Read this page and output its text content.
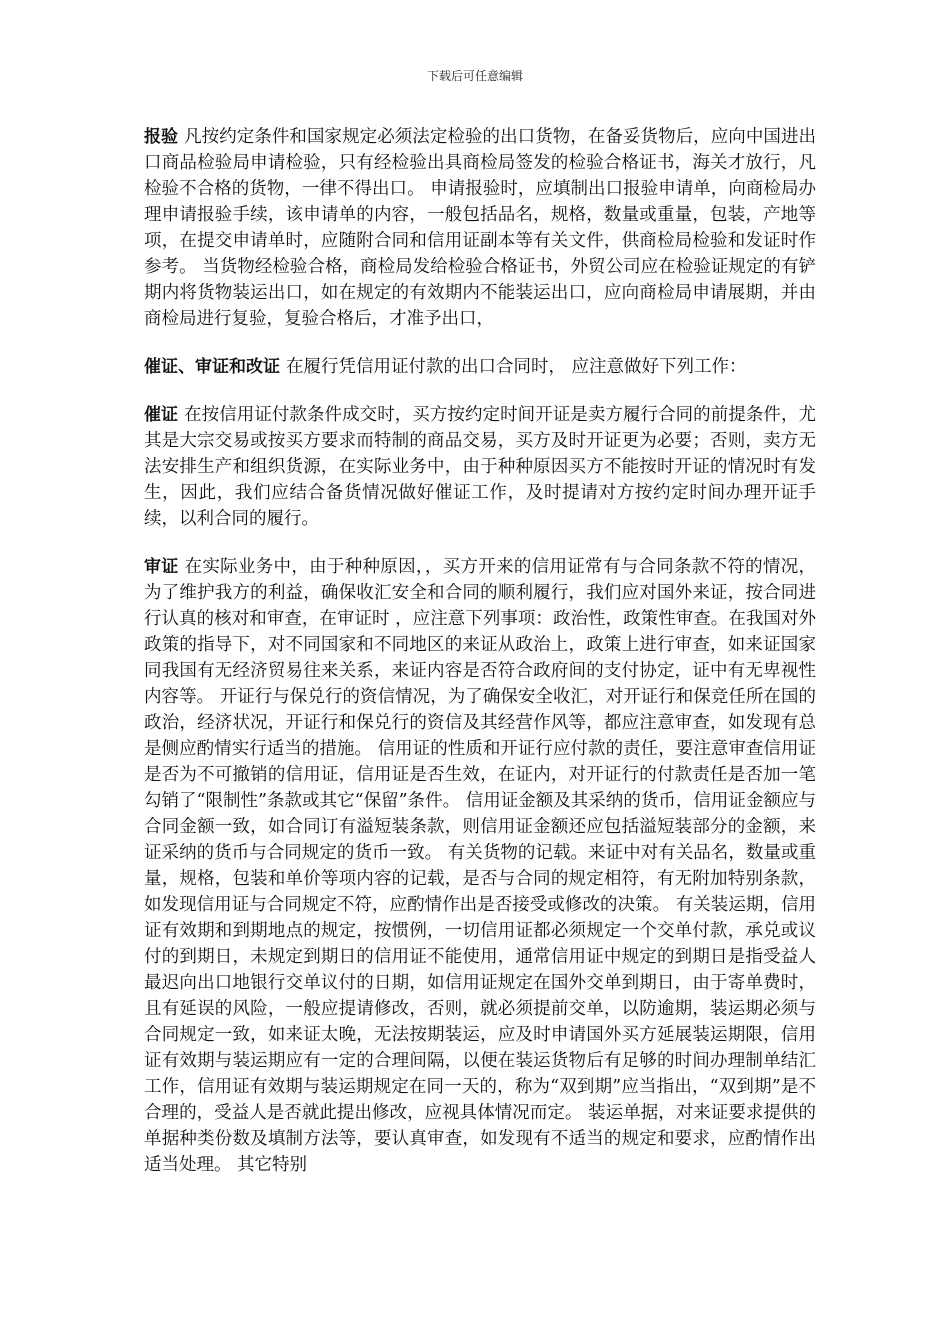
下载后可任意编辑

报验 凡按约定条件和国家规定必须法定检验的出口货物，在备妥货物后，应向中国进出口商品检验局申请检验，只有经检验出具商检局签发的检验合格证书，海关才放行，凡检验不合格的货物，一律不得出口。 申请报验时，应填制出口报验申请单，向商检局办理申请报验手续，该申请单的内容，一般包括品名，规格，数量或重量，包装，产地等项，在提交申请单时，应随附合同和信用证副本等有关文件，供商检局检验和发证时作参考。 当货物经检验合格，商检局发给检验合格证书，外贸公司应在检验证规定的有铲期内将货物装运出口，如在规定的有效期内不能装运出口，应向商检局申请展期，并由商检局进行复验，复验合格后，才准予出口，

催证、审证和改证 在履行凭信用证付款的出口合同时， 应注意做好下列工作：

催证 在按信用证付款条件成交时，买方按约定时间开证是卖方履行合同的前提条件，尤其是大宗交易或按买方要求而特制的商品交易，买方及时开证更为必要；否则，卖方无法安排生产和组织货源，在实际业务中，由于种种原因买方不能按时开证的情况时有发生，因此，我们应结合备货情况做好催证工作，及时提请对方按约定时间办理开证手续，以利合同的履行。

审证 在实际业务中，由于种种原因，，买方开来的信用证常有与合同条款不符的情况，为了维护我方的利益，确保收汇安全和合同的顺利履行，我们应对国外来证，按合同进行认真的核对和审查，在审证时 ，应注意下列事项：政治性，政策性审查。在我国对外政策的指导下，对不同国家和不同地区的来证从政治上，政策上进行审查，如来证国家同我国有无经济贸易往来关系，来证内容是否符合政府间的支付协定，证中有无卑视性内容等。 开证行与保兑行的资信情况，为了确保安全收汇，对开证行和保竞任所在国的政治，经济状况，开证行和保兑行的资信及其经营作风等，都应注意审查，如发现有总是侧应酌情实行适当的措施。 信用证的性质和开证行应付款的责任，要注意审查信用证是否为不可撤销的信用证，信用证是否生效，在证内，对开证行的付款责任是否加一笔勾销了“限制性”条款或其它“保留”条件。 信用证金额及其采纳的货币，信用证金额应与合同金额一致，如合同订有溢短装条款，则信用证金额还应包括溢短装部分的金额，来证采纳的货币与合同规定的货币一致。 有关货物的记载。来证中对有关品名，数量或重量，规格，包装和单价等项内容的记载，是否与合同的规定相符，有无附加特别条款，如发现信用证与合同规定不符，应酌情作出是否接受或修改的决策。 有关装运期，信用证有效期和到期地点的规定，按惯例，一切信用证都必须规定一个交单付款，承兑或议付的到期日，未规定到期日的信用证不能使用，通常信用证中规定的到期日是指受益人最迟向出口地银行交单议付的日期，如信用证规定在国外交单到期日，由于寄单费时，且有延误的风险，一般应提请修改，否则，就必须提前交单，以防逾期，装运期必须与合同规定一致，如来证太晚，无法按期装运，应及时申请国外买方延展装运期限，信用证有效期与装运期应有一定的合理间隔，以便在装运货物后有足够的时间办理制单结汇工作，信用证有效期与装运期规定在同一天的，称为“双到期”应当指出，“双到期”是不合理的，受益人是否就此提出修改，应视具体情况而定。 装运单据，对来证要求提供的单据种类份数及填制方法等，要认真审查，如发现有不适当的规定和要求，应酌情作出适当处理。 其它特别
